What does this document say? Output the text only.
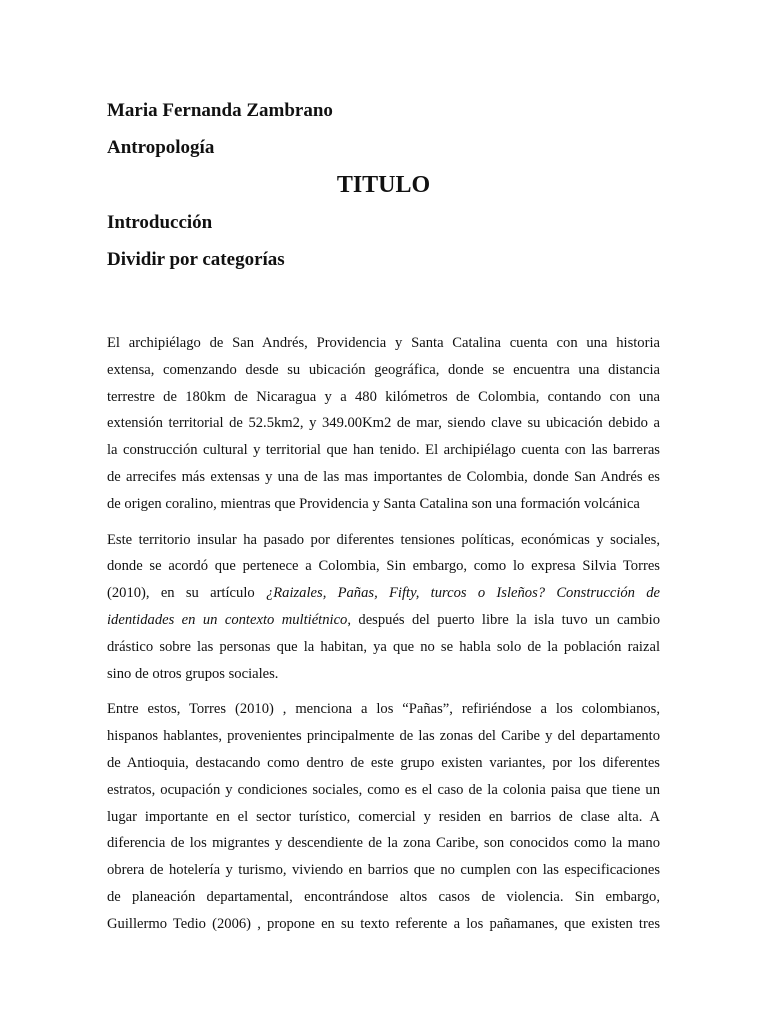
Maria Fernanda Zambrano

Antropología

TITULO

Introducción

Dividir por categorías

El archipiélago de San Andrés, Providencia y Santa Catalina cuenta con una historia
extensa, comenzando desde su ubicación geográfica, donde se encuentra una distancia
terrestre de 180km de Nicaragua y a 480 kilómetros de Colombia, contando con una
extensión territorial de 52.5km2, y 349.00Km2 de mar, siendo clave su ubicación debido a
la construcción cultural y territorial que han tenido. El archipiélago cuenta con las barreras
de arrecifes más extensas y una de las mas importantes de Colombia, donde San Andrés es
de origen coralino, mientras que Providencia y Santa Catalina son una formación volcánica
Este territorio insular ha pasado por diferentes tensiones políticas, económicas y sociales,
donde se acordó que pertenece a Colombia, Sin embargo, como lo expresa Silvia Torres
(2010), en su artículo ¿Raizales, Pañas, Fifty, turcos o Isleños? Construcción de
identidades en un contexto multiétnico, después del puerto libre la isla tuvo un cambio
drástico sobre las personas que la habitan, ya que no se habla solo de la población raizal
sino de otros grupos sociales.
Entre estos, Torres (2010) , menciona a los “Pañas”, refiriéndose a los colombianos,
hispanos hablantes, provenientes principalmente de las zonas del Caribe y del departamento
de Antioquia, destacando como dentro de este grupo existen variantes, por los diferentes
estratos, ocupación y condiciones sociales, como es el caso de la colonia paisa que tiene un
lugar importante en el sector turístico, comercial y residen en barrios de clase alta. A
diferencia de los migrantes y descendiente de la zona Caribe, son conocidos como la mano
obrera de hotelería y turismo, viviendo en barrios que no cumplen con las especificaciones
de planeación departamental, encontrándose altos casos de violencia. Sin embargo,
Guillermo Tedio (2006) , propone en su texto referente a los pañamanes, que existen tres
